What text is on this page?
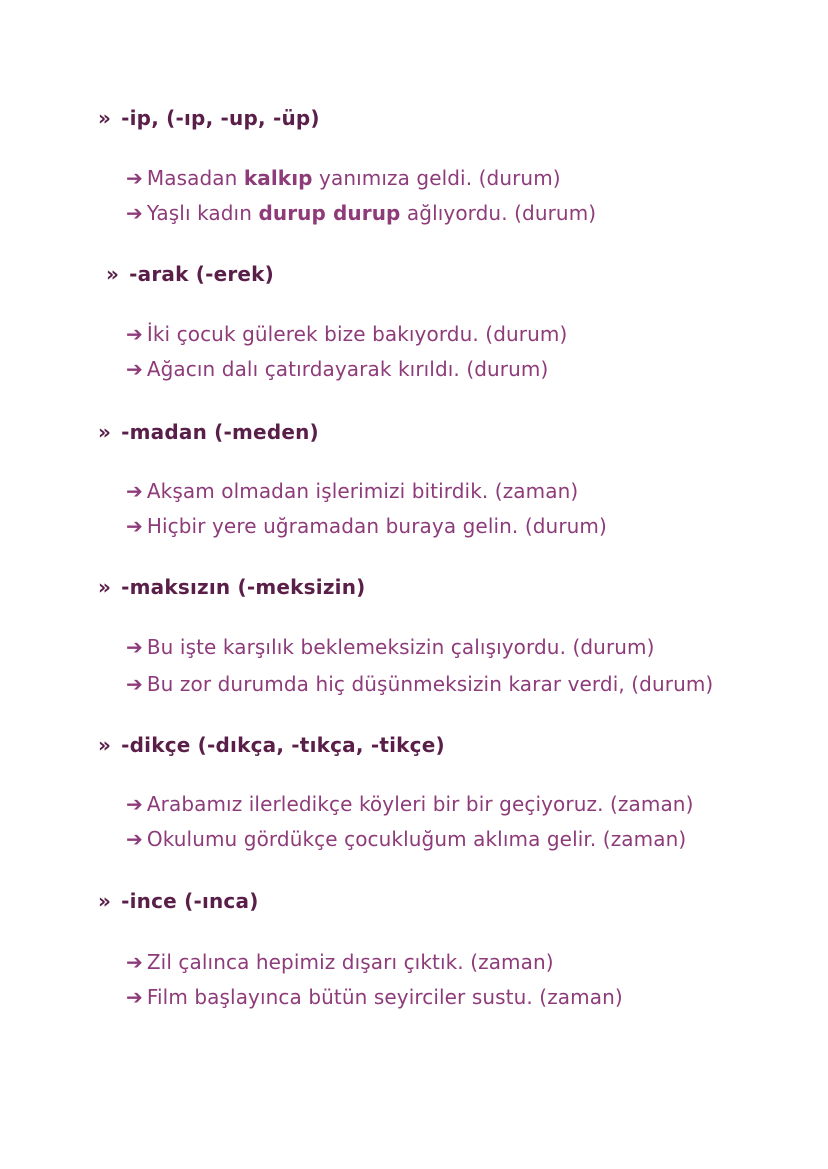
» -ip, (-ıp, -up, -üp)
➔ Masadan kalkıp yanımıza geldi. (durum)
➔ Yaşlı kadın durup durup ağlıyordu. (durum)
» -arak (-erek)
➔ İki çocuk gülerek bize bakıyordu. (durum)
➔ Ağacın dalı çatırdayarak kırıldı. (durum)
» -madan (-meden)
➔ Akşam olmadan işlerimizi bitirdik. (zaman)
➔ Hiçbir yere uğramadan buraya gelin. (durum)
» -maksızın (-meksizin)
➔ Bu işte karşılık beklemeksizin çalışıyordu. (durum)
➔ Bu zor durumda hiç düşünmeksizin karar verdi, (durum)
» -dikçe (-dıkça, -tıkça, -tikçe)
➔ Arabamız ilerledikçe köyleri bir bir geçiyoruz. (zaman)
➔ Okulumu gördükçe çocukluğum aklıma gelir. (zaman)
» -ince (-ınca)
➔ Zil çalınca hepimiz dışarı çıktık. (zaman)
➔ Film başlayınca bütün seyirciler sustu. (zaman)
